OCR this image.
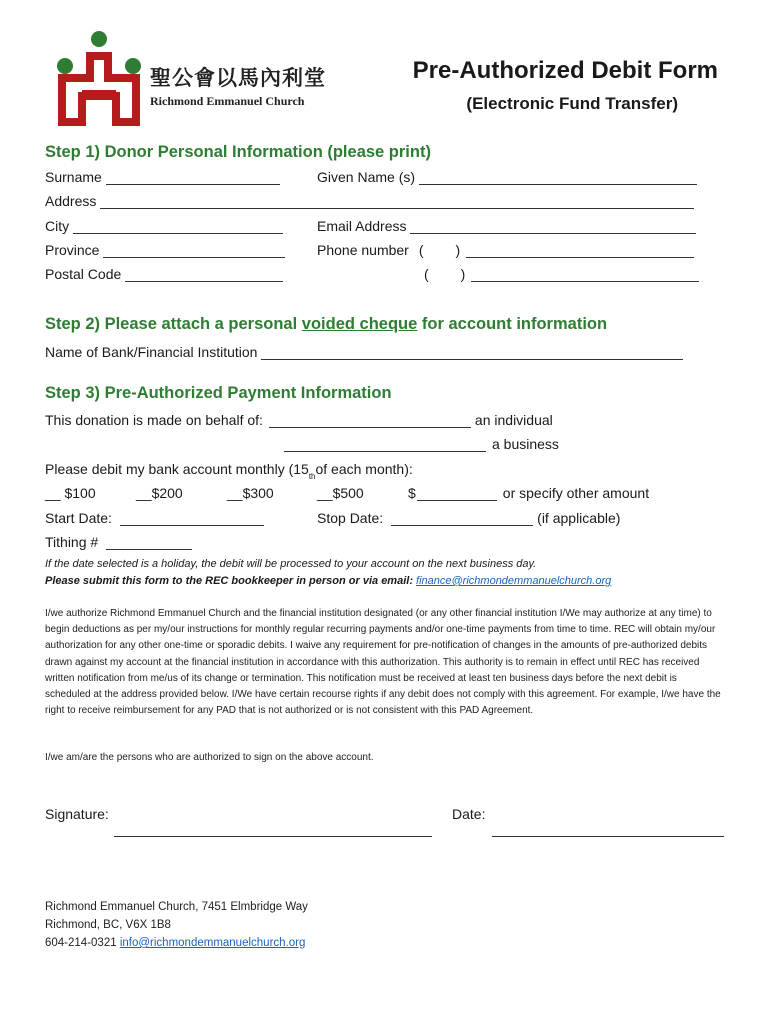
聖公會以馬內利堂
Richmond Emmanuel Church
Pre-Authorized Debit Form
(Electronic Fund Transfer)
Step 1) Donor Personal Information (please print)
Surname	Given Name (s)
Address
City	Email Address
Province	Phone number ( )
Postal Code	( )
Step 2) Please attach a personal voided cheque for account information
Name of Bank/Financial Institution
Step 3) Pre-Authorized Payment Information
This donation is made on behalf of:	an individual
a business
Please debit my bank account monthly (15 th of each month):
__ $100	__$200	__$300	__$500	$	or specify other amount
Start Date:	Stop Date:	(if applicable)
Tithing #
If the date selected is a holiday, the debit will be processed to your account on the next business day.
Please submit this form to the REC bookkeeper in person or via email: finance@richmondemmanuelchurch.org
I/we authorize Richmond Emmanuel Church and the financial institution designated (or any other financial institution I/We may authorize at any time) to begin deductions as per my/our instructions for monthly regular recurring payments and/or one-time payments from time to time. REC will obtain my/our authorization for any other one-time or sporadic debits. I waive any requirement for pre-notification of changes in the amounts of pre-authorized debits drawn against my account at the financial institution in accordance with this authorization. This authority is to remain in effect until REC has received written notification from me/us of its change or termination. This notification must be received at least ten business days before the next debit is scheduled at the address provided below. I/We have certain recourse rights if any debit does not comply with this agreement. For example, I/we have the right to receive reimbursement for any PAD that is not authorized or is not consistent with this PAD Agreement.
I/we am/are the persons who are authorized to sign on the above account.
Signature:	Date:
Richmond Emmanuel Church, 7451 Elmbridge Way
Richmond, BC, V6X 1B8
604-214-0321 info@richmondemmanuelchurch.org
